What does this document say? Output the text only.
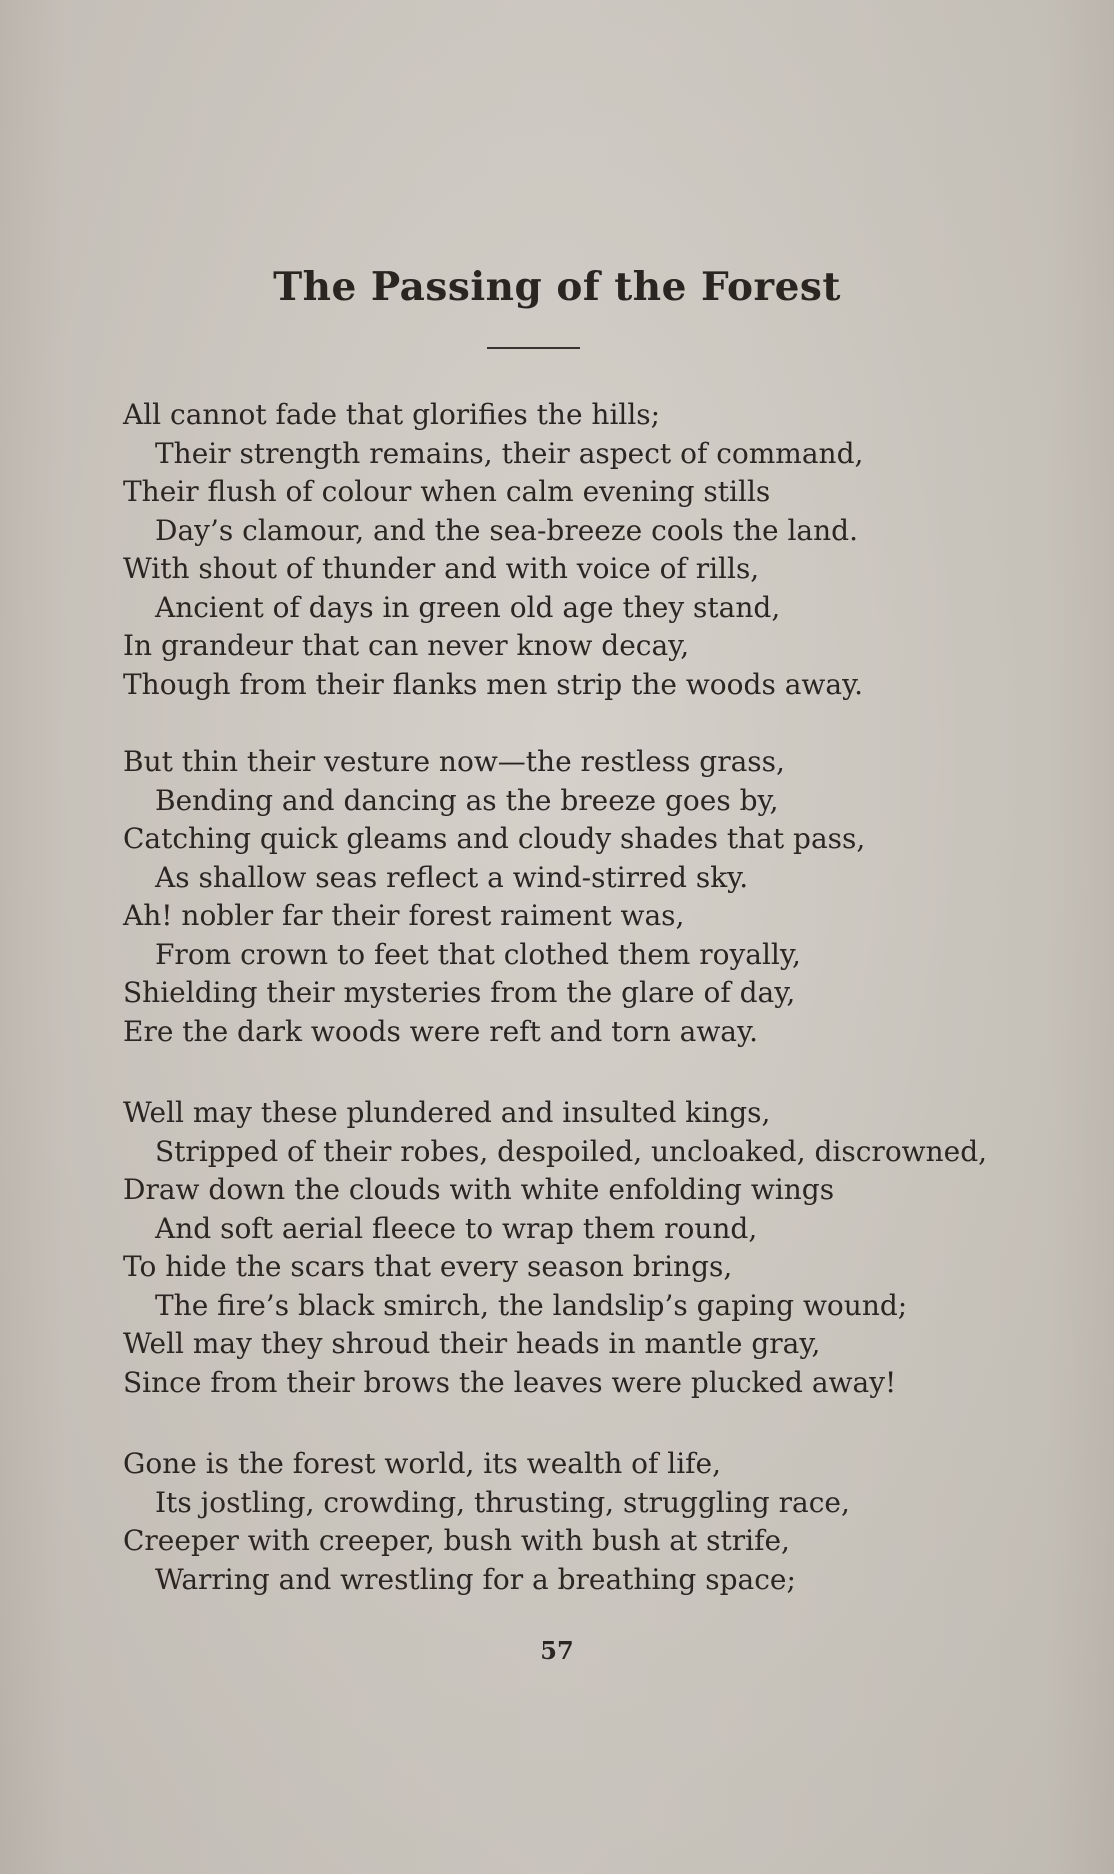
The Passing of the Forest
All cannot fade that glorifies the hills;
Their strength remains, their aspect of command,
Their flush of colour when calm evening stills
Day’s clamour, and the sea-breeze cools the land.
With shout of thunder and with voice of rills,
Ancient of days in green old age they stand,
In grandeur that can never know decay,
Though from their flanks men strip the woods away.
But thin their vesture now—the restless grass,
Bending and dancing as the breeze goes by,
Catching quick gleams and cloudy shades that pass,
As shallow seas reflect a wind-stirred sky.
Ah! nobler far their forest raiment was,
From crown to feet that clothed them royally,
Shielding their mysteries from the glare of day,
Ere the dark woods were reft and torn away.
Well may these plundered and insulted kings,
Stripped of their robes, despoiled, uncloaked, discrowned,
Draw down the clouds with white enfolding wings
And soft aerial fleece to wrap them round,
To hide the scars that every season brings,
The fire’s black smirch, the landslip’s gaping wound;
Well may they shroud their heads in mantle gray,
Since from their brows the leaves were plucked away!
Gone is the forest world, its wealth of life,
Its jostling, crowding, thrusting, struggling race,
Creeper with creeper, bush with bush at strife,
Warring and wrestling for a breathing space;
57
